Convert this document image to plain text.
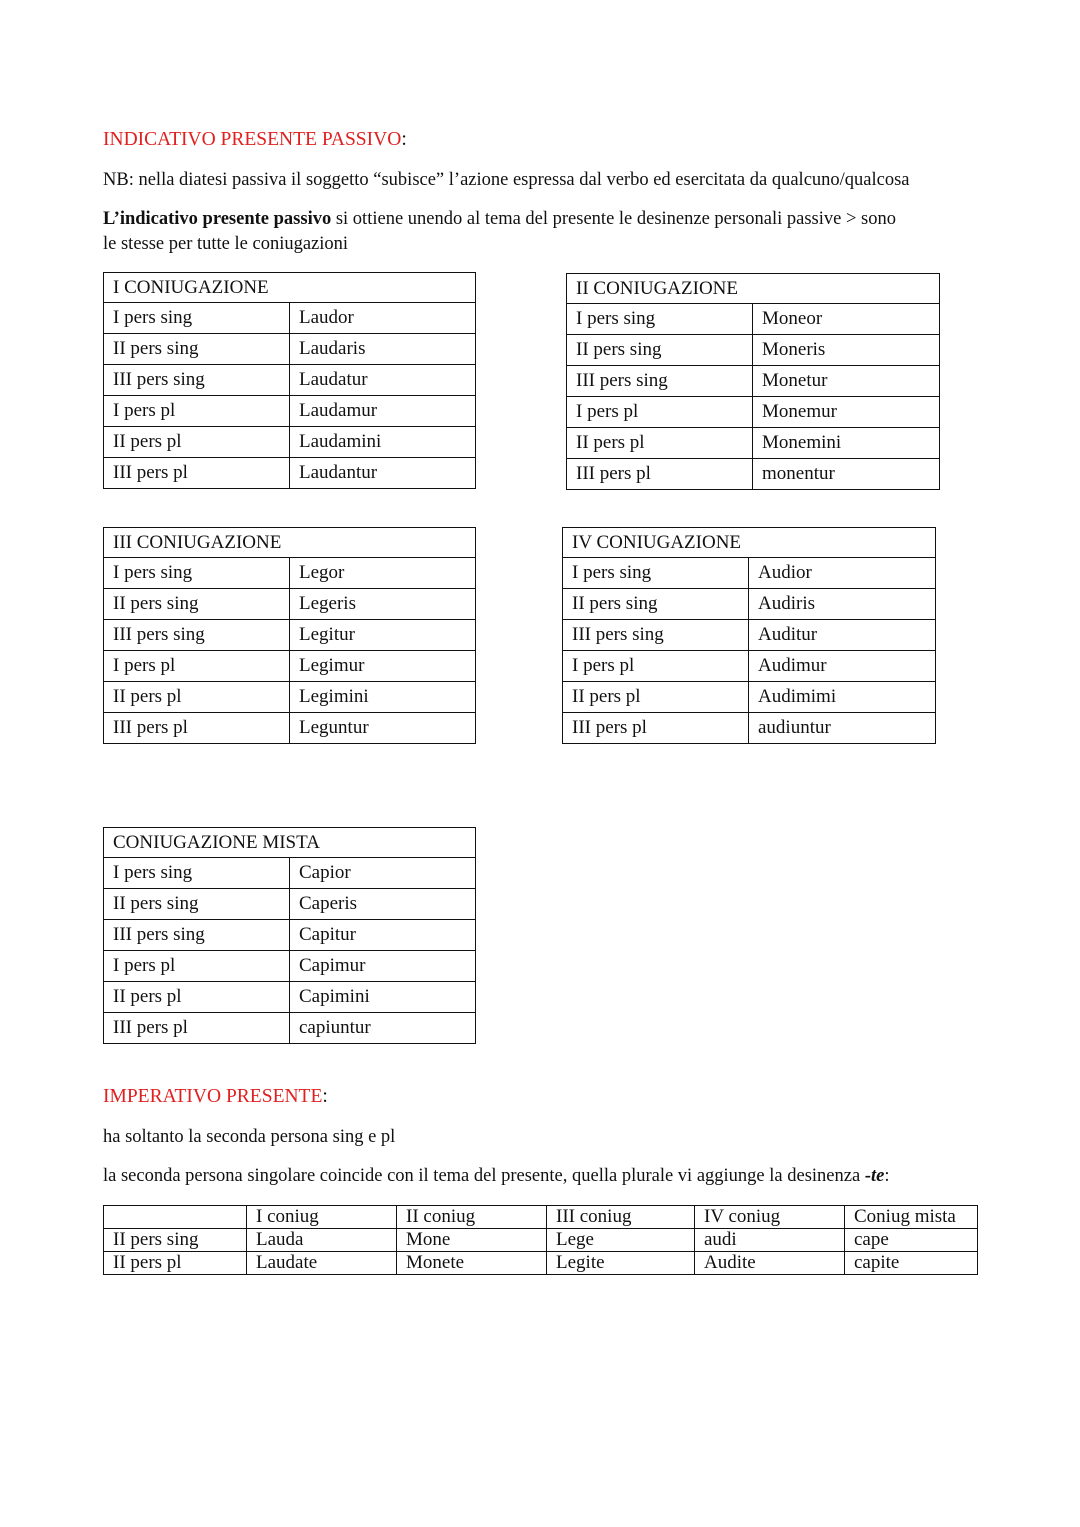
INDICATIVO PRESENTE PASSIVO:
NB: nella diatesi passiva il soggetto “subisce” l’azione espressa dal verbo ed esercitata da qualcuno/qualcosa
L’indicativo presente passivo si ottiene unendo al tema del presente le desinenze personali passive > sono
le stesse per tutte le coniugazioni
I CONIUGAZIONE	
I pers sing	Laudor
II pers sing	Laudaris
III pers sing	Laudatur
I pers pl	Laudamur
II pers pl	Laudamini
III pers pl	Laudantur
II CONIUGAZIONE	
I pers sing	Moneor
II pers sing	Moneris
III pers sing	Monetur
I pers pl	Monemur
II pers pl	Monemini
III pers pl	monentur
III CONIUGAZIONE	
I pers sing	Legor
II pers sing	Legeris
III pers sing	Legitur
I pers pl	Legimur
II pers pl	Legimini
III pers pl	Leguntur
IV CONIUGAZIONE	
I pers sing	Audior
II pers sing	Audiris
III pers sing	Auditur
I pers pl	Audimur
II pers pl	Audimimi
III pers pl	audiuntur
CONIUGAZIONE MISTA	
I pers sing	Capior
II pers sing	Caperis
III pers sing	Capitur
I pers pl	Capimur
II pers pl	Capimini
III pers pl	capiuntur
IMPERATIVO PRESENTE:
ha soltanto la seconda persona sing e pl
la seconda persona singolare coincide con il tema del presente, quella plurale vi aggiunge la desinenza -te:
	I coniug	II coniug	III coniug	IV coniug	Coniug mista
II pers sing	Lauda	Mone	Lege	audi	cape
II pers pl	Laudate	Monete	Legite	Audite	capite
